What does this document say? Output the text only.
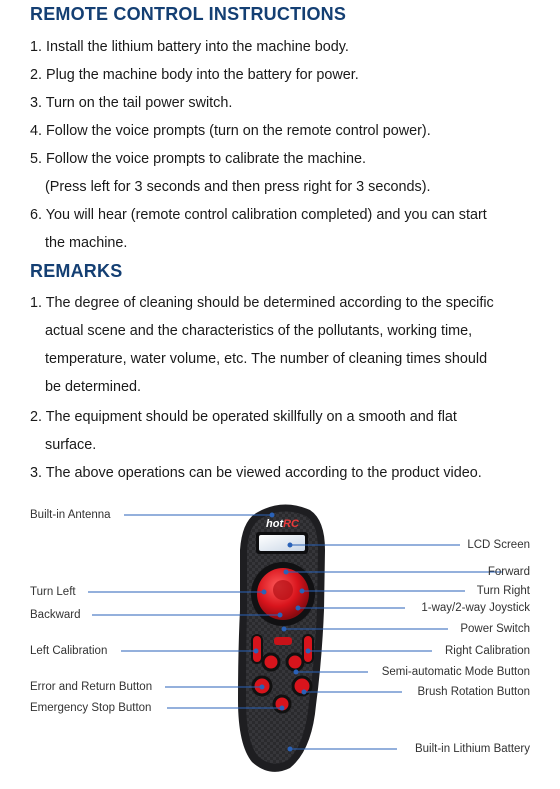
REMOTE CONTROL INSTRUCTIONS
1. Install the lithium battery into the machine body.
2. Plug the machine body into the battery for power.
3. Turn on the tail power switch.
4. Follow the voice prompts (turn on the remote control power).
5. Follow the voice prompts to calibrate the machine.
(Press left for 3 seconds and then press right for 3 seconds).
6. You will hear (remote control calibration completed) and you can start
the machine.
REMARKS
1. The degree of cleaning should be determined according to the specific
actual scene and the characteristics of the pollutants, working time,
temperature, water volume, etc. The number of cleaning times should
be determined.
2. The equipment should be operated skillfully on a smooth and flat
surface.
3. The above operations can be viewed according to the product video.
hotRC
Built-in Antenna
Turn Left
Backward
Left Calibration
Error and Return Button
Emergency Stop Button
LCD Screen
Forward
Turn Right
1-way/2-way Joystick
Power Switch
Right Calibration
Semi-automatic Mode Button
Brush Rotation Button
Built-in Lithium Battery
